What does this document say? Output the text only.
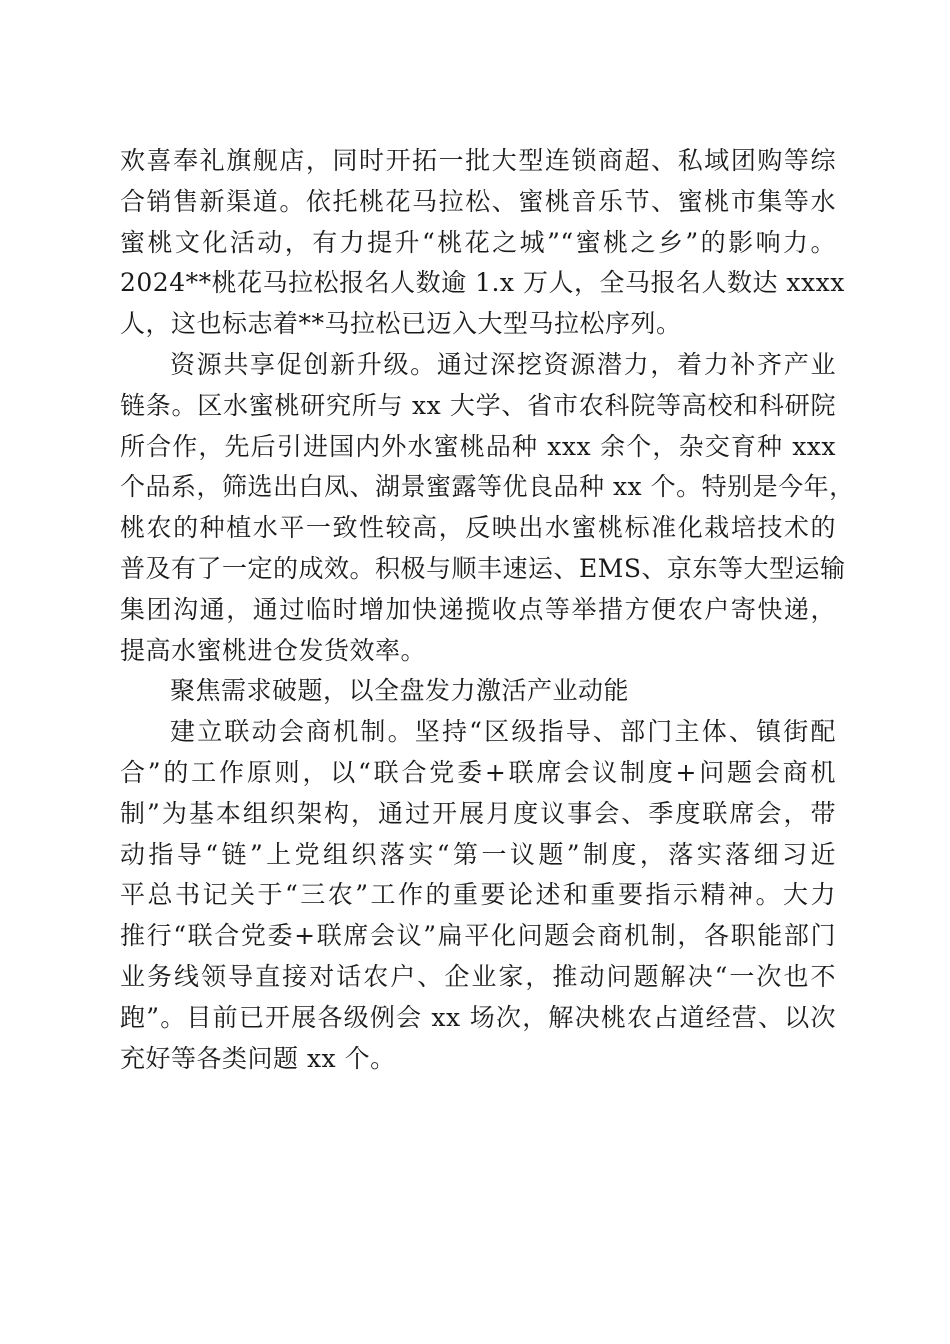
欢喜奉礼旗舰店，同时开拓一批大型连锁商超、私域团购等综
合销售新渠道。依托桃花马拉松、蜜桃音乐节、蜜桃市集等水
蜜桃文化活动，有力提升“桃花之城”“蜜桃之乡”的影响力。
2024**桃花马拉松报名人数逾 1.x 万人，全马报名人数达 xxxx
人，这也标志着**马拉松已迈入大型马拉松序列。
资源共享促创新升级。通过深挖资源潜力，着力补齐产业
链条。区水蜜桃研究所与 xx 大学、省市农科院等高校和科研院
所合作，先后引进国内外水蜜桃品种 xxx 余个，杂交育种 xxx
个品系，筛选出白凤、湖景蜜露等优良品种 xx 个。特别是今年，
桃农的种植水平一致性较高，反映出水蜜桃标准化栽培技术的
普及有了一定的成效。积极与顺丰速运、EMS、京东等大型运输
集团沟通，通过临时增加快递揽收点等举措方便农户寄快递，
提高水蜜桃进仓发货效率。
聚焦需求破题，以全盘发力激活产业动能
建立联动会商机制。坚持“区级指导、部门主体、镇街配
合”的工作原则，以“联合党委+联席会议制度+问题会商机
制”为基本组织架构，通过开展月度议事会、季度联席会，带
动指导“链”上党组织落实“第一议题”制度，落实落细习近
平总书记关于“三农”工作的重要论述和重要指示精神。大力
推行“联合党委+联席会议”扁平化问题会商机制，各职能部门
业务线领导直接对话农户、企业家，推动问题解决“一次也不
跑”。目前已开展各级例会 xx 场次，解决桃农占道经营、以次
充好等各类问题 xx 个。
